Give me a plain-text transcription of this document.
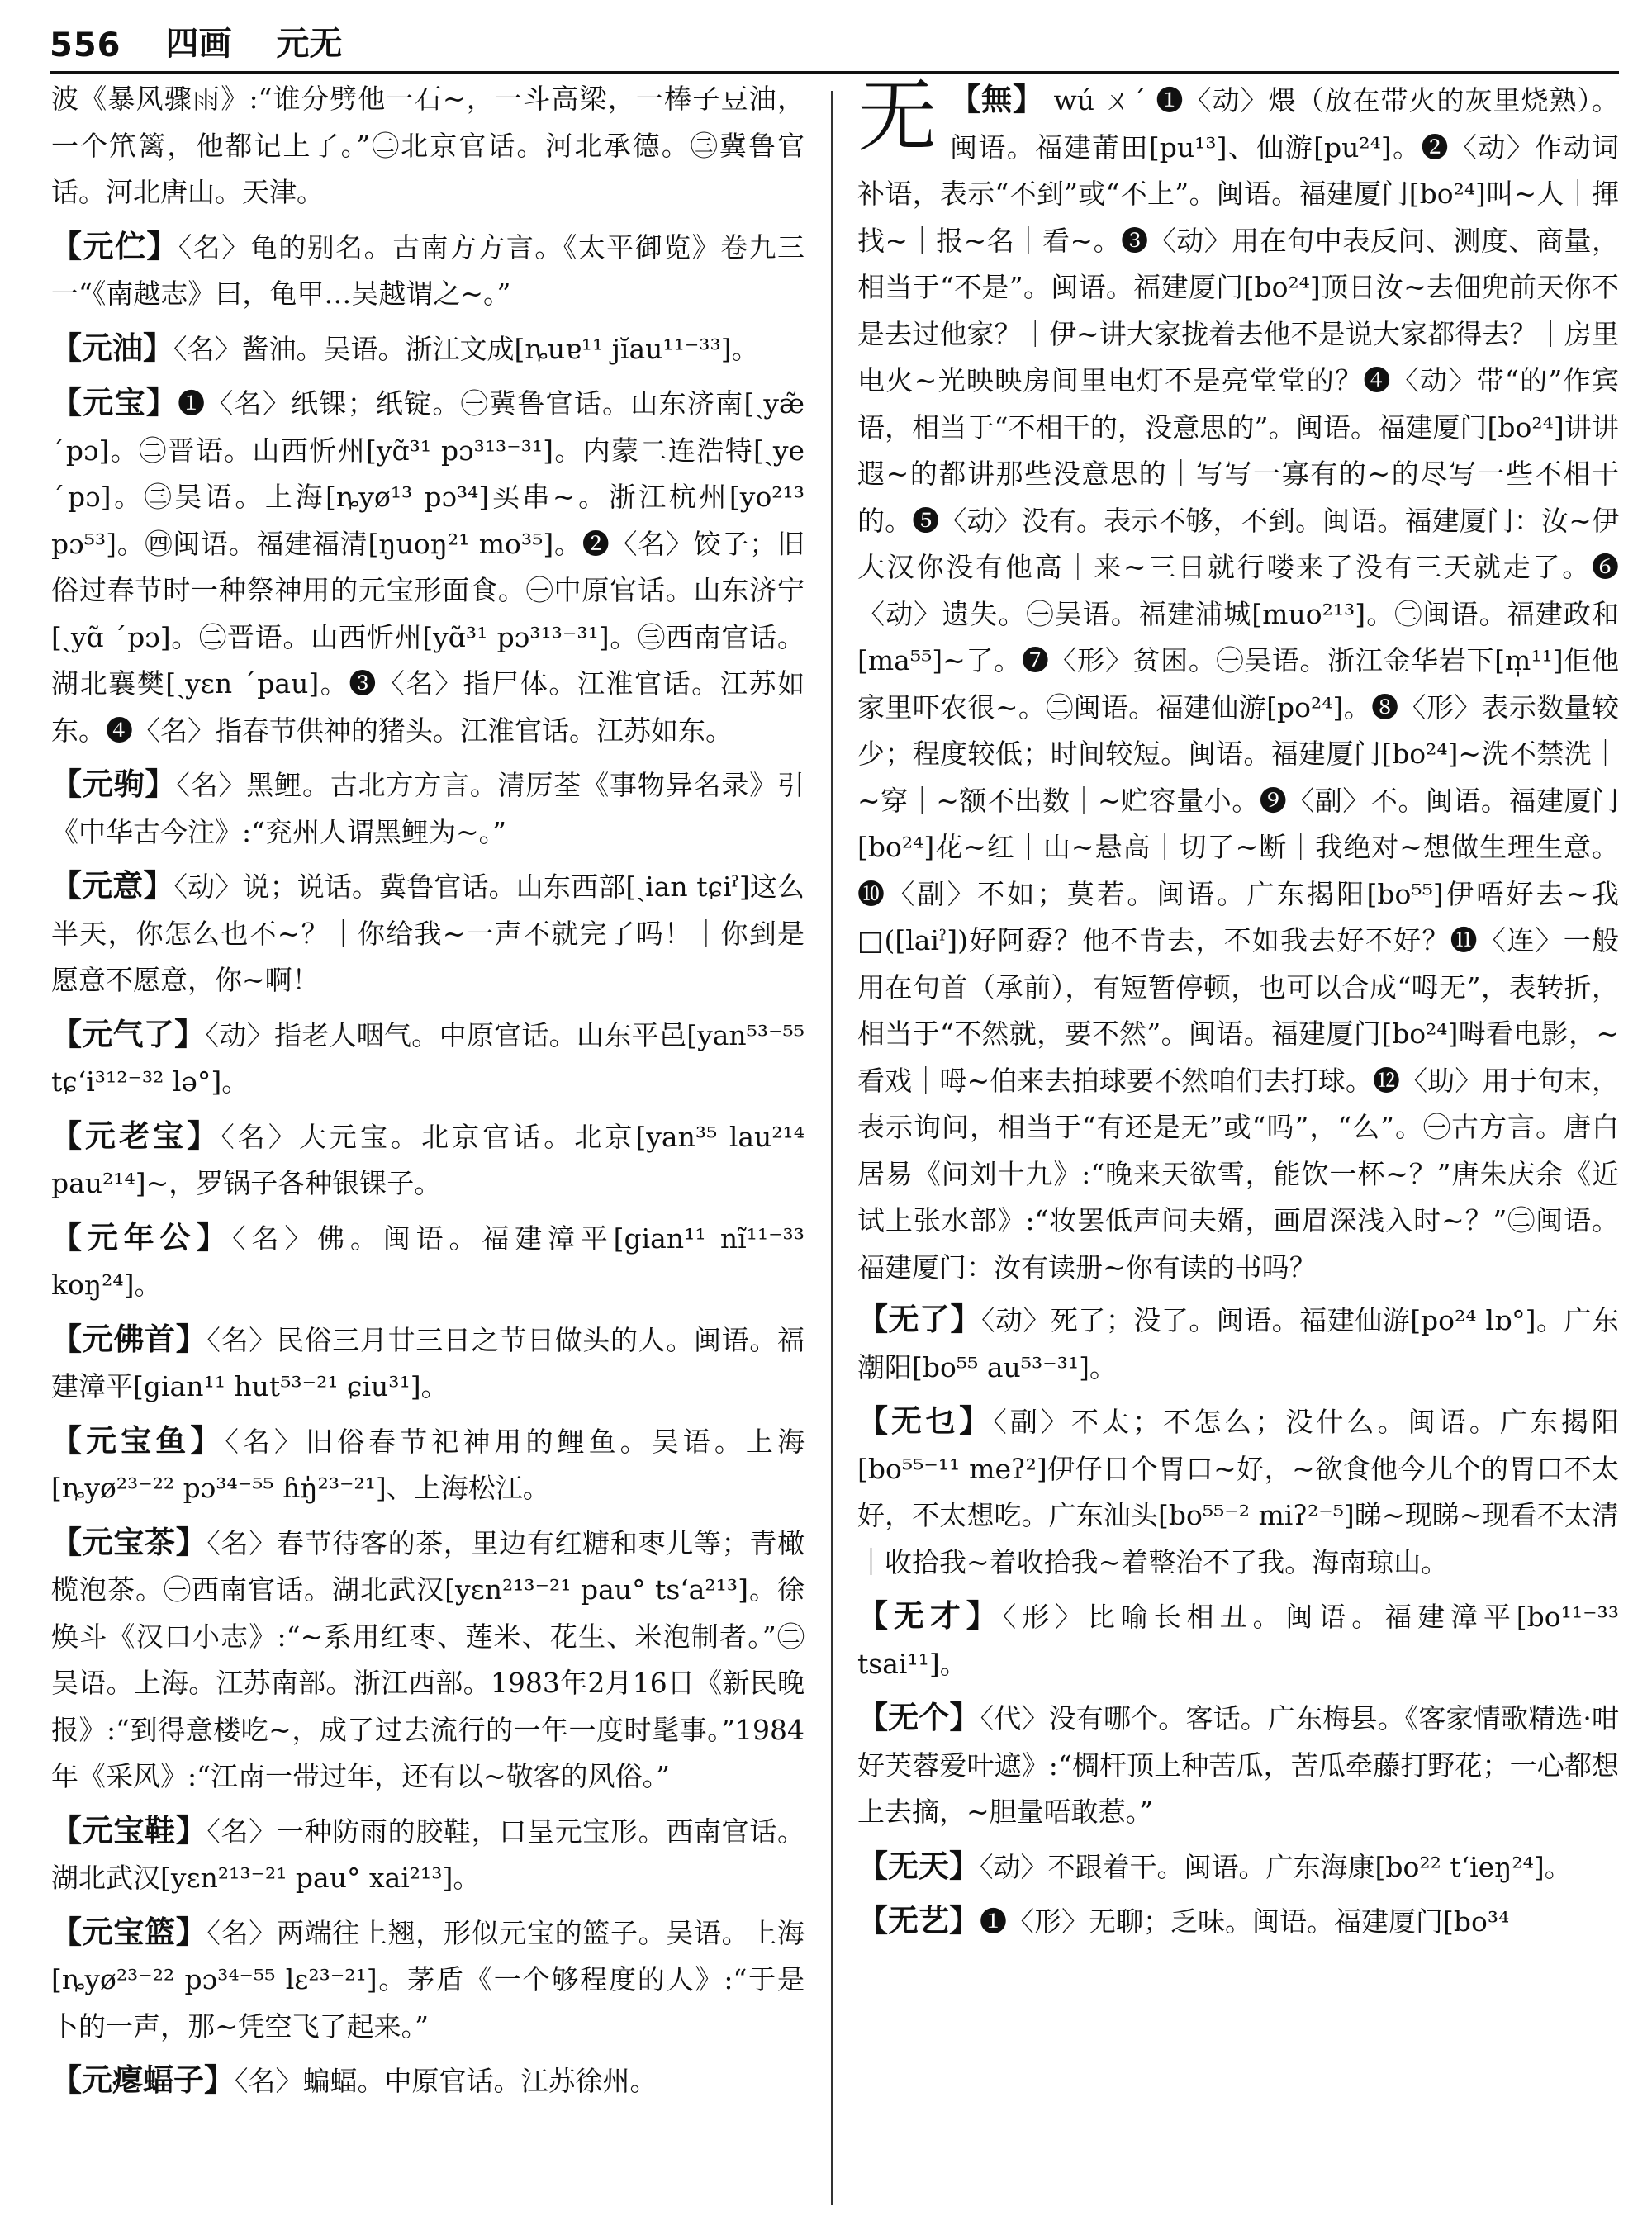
556 四画 元无

波《暴风骤雨》:“谁分劈他一石~，一斗高梁，一棒子豆油，一个笊篱，他都记上了。”㊁北京官话。河北承德。㊂冀鲁官话。河北唐山。天津。

【元伫】〈名〉龟的别名。古南方方言。《太平御览》卷九三一“《南越志》曰，龟甲…吴越谓之~。”

【元油】〈名〉酱油。吴语。浙江文成[ȵuɐ¹¹ jĭau¹¹⁻³³]。

【元宝】❶〈名〉纸锞；纸锭。㊀冀鲁官话。山东济南[ˏyæ̃ ˊpɔ]。㊁晋语。山西忻州[yɑ̃³¹ pɔ³¹³⁻³¹]。内蒙二连浩特[ˏye ˊpɔ]。㊂吴语。上海[ȵyø¹³ pɔ³⁴]买串~。浙江杭州[yo²¹³ pɔ⁵³]。㊃闽语。福建福清[ŋuoŋ²¹ mo³⁵]。❷〈名〉饺子；旧俗过春节时一种祭神用的元宝形面食。㊀中原官话。山东济宁[ˏyɑ̃ ˊpɔ]。㊁晋语。山西忻州[yɑ̃³¹ pɔ³¹³⁻³¹]。㊂西南官话。湖北襄樊[ˏyɛn ˊpau]。❸〈名〉指尸体。江淮官话。江苏如东。❹〈名〉指春节供神的猪头。江淮官话。江苏如东。

【元驹】〈名〉黑鲤。古北方方言。清厉荃《事物异名录》引《中华古今注》:“兖州人谓黑鲤为~。”

【元意】〈动〉说；说话。冀鲁官话。山东西部[ˏian tɕiˀ]这么半天，你怎么也不~？｜你给我~一声不就完了吗！｜你到是愿意不愿意，你~啊！

【元气了】〈动〉指老人咽气。中原官话。山东平邑[yan⁵³⁻⁵⁵ tɕʻi³¹²⁻³² lə°]。

【元老宝】〈名〉大元宝。北京官话。北京[yan³⁵ lau²¹⁴ pau²¹⁴]~，罗锅子各种银锞子。

【元年公】〈名〉佛。闽语。福建漳平[gian¹¹ nĩ¹¹⁻³³ koŋ²⁴]。

【元佛首】〈名〉民俗三月廿三日之节日做头的人。闽语。福建漳平[gian¹¹ hut⁵³⁻²¹ ɕiu³¹]。

【元宝鱼】〈名〉旧俗春节祀神用的鲤鱼。吴语。上海[ȵyø²³⁻²² pɔ³⁴⁻⁵⁵ ɦŋ̍²³⁻²¹]、上海松江。

【元宝茶】〈名〉春节待客的茶，里边有红糖和枣儿等；青橄榄泡茶。㊀西南官话。湖北武汉[yɛn²¹³⁻²¹ pau° tsʻa²¹³]。徐焕斗《汉口小志》:“~系用红枣、莲米、花生、米泡制者。”㊁吴语。上海。江苏南部。浙江西部。1983年2月16日《新民晚报》:“到得意楼吃~，成了过去流行的一年一度时髦事。”1984年《采风》:“江南一带过年，还有以~敬客的风俗。”

【元宝鞋】〈名〉一种防雨的胶鞋，口呈元宝形。西南官话。湖北武汉[yɛn²¹³⁻²¹ pau° xai²¹³]。

【元宝篮】〈名〉两端往上翘，形似元宝的篮子。吴语。上海[ȵyø²³⁻²² pɔ³⁴⁻⁵⁵ lɛ²³⁻²¹]。茅盾《一个够程度的人》:“于是卜的一声，那~凭空飞了起来。”

【元瘪蝠子】〈名〉蝙蝠。中原官话。江苏徐州。

无 【無】 wú ㄨˊ ❶〈动〉煨（放在带火的灰里烧熟）。闽语。福建莆田[pu¹³]、仙游[pu²⁴]。❷〈动〉作动词补语，表示“不到”或“不上”。闽语。福建厦门[bo²⁴]叫~人｜揮找~｜报~名｜看~。❸〈动〉用在句中表反问、测度、商量，相当于“不是”。闽语。福建厦门[bo²⁴]顶日汝~去佃兜前天你不是去过他家？｜伊~讲大家拢着去他不是说大家都得去？｜房里电火~光映映房间里电灯不是亮堂堂的？❹〈动〉带“的”作宾语，相当于“不相干的，没意思的”。闽语。福建厦门[bo²⁴]讲讲遐~的都讲那些没意思的｜写写一寡有的~的尽写一些不相干的。❺〈动〉没有。表示不够，不到。闽语。福建厦门：汝~伊大汉你没有他高｜来~三日就行喽来了没有三天就走了。❻〈动〉遗失。㊀吴语。福建浦城[muo²¹³]。㊁闽语。福建政和[ma⁵⁵]~了。❼〈形〉贫困。㊀吴语。浙江金华岩下[m̩¹¹]佢他家里吓农很~。㊁闽语。福建仙游[po²⁴]。❽〈形〉表示数量较少；程度较低；时间较短。闽语。福建厦门[bo²⁴]~洗不禁洗｜~穿｜~额不出数｜~贮容量小。❾〈副〉不。闽语。福建厦门[bo²⁴]花~红｜山~悬高｜切了~断｜我绝对~想做生理生意。❿〈副〉不如；莫若。闽语。广东揭阳[bo⁵⁵]伊唔好去~我□([laiˀ])好阿孬？他不肯去，不如我去好不好？⓫〈连〉一般用在句首（承前），有短暂停顿，也可以合成“呣无”，表转折，相当于“不然就，要不然”。闽语。福建厦门[bo²⁴]呣看电影，~看戏｜呣~伯来去拍球要不然咱们去打球。⓬〈助〉用于句末，表示询问，相当于“有还是无”或“吗”，“么”。㊀古方言。唐白居易《问刘十九》:“晚来天欲雪，能饮一杯~？”唐朱庆余《近试上张水部》:“妆罢低声问夫婿，画眉深浅入时~？”㊁闽语。福建厦门：汝有读册~你有读的书吗？

【无了】〈动〉死了；没了。闽语。福建仙游[po²⁴ lɒ°]。广东潮阳[bo⁵⁵ au⁵³⁻³¹]。

【无乜】〈副〉不太；不怎么；没什么。闽语。广东揭阳[bo⁵⁵⁻¹¹ meʔ²]伊仔日个胃口~好，~欲食他今儿个的胃口不太好，不太想吃。广东汕头[bo⁵⁵⁻² miʔ²⁻⁵]睇~现睇~现看不太清｜收拾我~着收拾我~着整治不了我。海南琼山。

【无才】〈形〉比喻长相丑。闽语。福建漳平[bo¹¹⁻³³ tsai¹¹]。

【无个】〈代〉没有哪个。客话。广东梅县。《客家情歌精选·咁好芙蓉爱叶遮》:“椆杆顶上种苦瓜，苦瓜牵藤打野花；一心都想上去摘，~胆量唔敢惹。”

【无天】〈动〉不跟着干。闽语。广东海康[bo²² tʻieŋ²⁴]。

【无艺】❶〈形〉无聊；乏味。闽语。福建厦门[bo³⁴
